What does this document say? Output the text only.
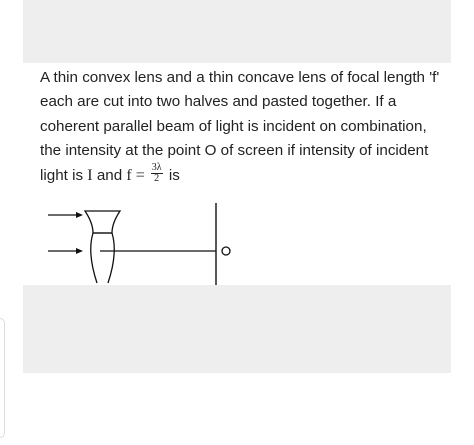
A thin convex lens and a thin concave lens of focal length 'f' each are cut into two halves and pasted together. If a coherent parallel beam of light is incident on combination, the intensity at the point O of screen if intensity of incident light is I and $f = \frac{3\lambda}{2}$ is

O
